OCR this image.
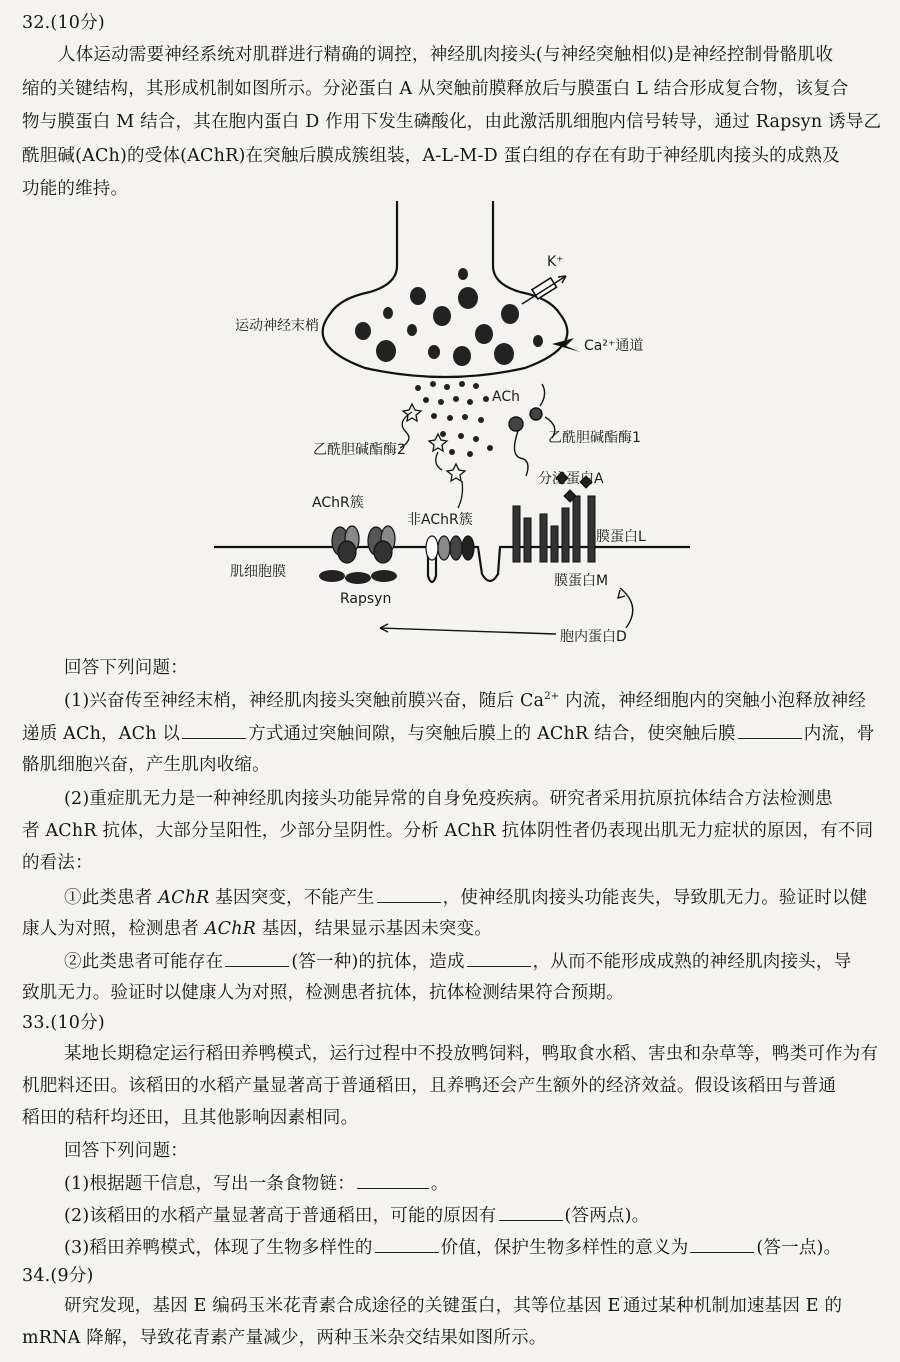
32.(10分)
人体运动需要神经系统对肌群进行精确的调控，神经肌肉接头(与神经突触相似)是神经控制骨骼肌收
缩的关键结构，其形成机制如图所示。分泌蛋白 A 从突触前膜释放后与膜蛋白 L 结合形成复合物，该复合
物与膜蛋白 M 结合，其在胞内蛋白 D 作用下发生磷酸化，由此激活肌细胞内信号转导，通过 Rapsyn 诱导乙
酰胆碱(ACh)的受体(AChR)在突触后膜成簇组装，A-L-M-D 蛋白组的存在有助于神经肌肉接头的成熟及
功能的维持。
K⁺
Ca²⁺通道
运动神经末梢
ACh
乙酰胆碱酯酶1
乙酰胆碱酯酶2
AChR簇
Rapsyn
非AChR簇
分泌蛋白A
膜蛋白L
膜蛋白M
肌细胞膜
胞内蛋白D
回答下列问题：
(1)兴奋传至神经末梢，神经肌肉接头突触前膜兴奋，随后 $Ca^{2+}$ 内流，神经细胞内的突触小泡释放神经
递质 ACh，ACh 以	方式通过突触间隙，与突触后膜上的 AChR 结合，使突触后膜	内流，骨
骼肌细胞兴奋，产生肌肉收缩。
(2)重症肌无力是一种神经肌肉接头功能异常的自身免疫疾病。研究者采用抗原抗体结合方法检测患
者 AChR 抗体，大部分呈阳性，少部分呈阴性。分析 AChR 抗体阴性者仍表现出肌无力症状的原因，有不同
的看法：
①此类患者 AChR 基因突变，不能产生	，使神经肌肉接头功能丧失，导致肌无力。验证时以健
康人为对照，检测患者 AChR 基因，结果显示基因未突变。
②此类患者可能存在	(答一种)的抗体，造成	，从而不能形成成熟的神经肌肉接头，导
致肌无力。验证时以健康人为对照，检测患者抗体，抗体检测结果符合预期。
33.(10分)
某地长期稳定运行稻田养鸭模式，运行过程中不投放鸭饲料，鸭取食水稻、害虫和杂草等，鸭类可作为有
机肥料还田。该稻田的水稻产量显著高于普通稻田，且养鸭还会产生额外的经济效益。假设该稻田与普通
稻田的秸秆均还田，且其他影响因素相同。
回答下列问题：
(1)根据题干信息，写出一条食物链：	。
(2)该稻田的水稻产量显著高于普通稻田，可能的原因有	(答两点)。
(3)稻田养鸭模式，体现了生物多样性的	价值，保护生物多样性的意义为	(答一点)。
34.(9分)
研究发现，基因 E 编码玉米花青素合成途径的关键蛋白，其等位基因 E′通过某种机制加速基因 E 的
mRNA 降解，导致花青素产量减少，两种玉米杂交结果如图所示。
